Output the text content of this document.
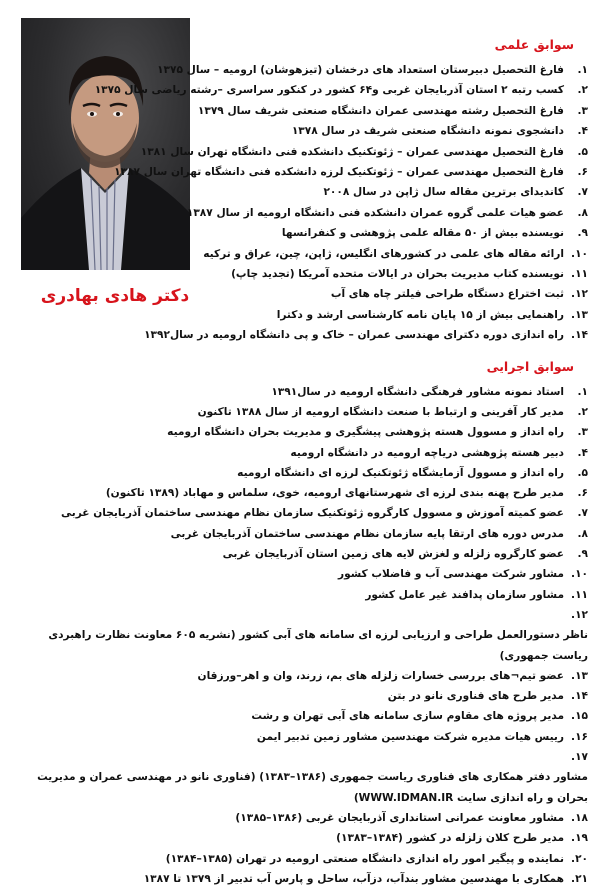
دکتر هادی بهادری
سوابق علمی
۱.
فارغ التحصیل دبیرستان استعداد های درخشان (تیزهوشان) ارومیه – سال ۱۳۷۵
۲.
کسب رتبه ۲ استان آذربایجان غربی و۶۴ کشور در کنکور سراسری –رشته ریاضی سال ۱۳۷۵
۳.
فارغ التحصیل رشته مهندسی عمران دانشگاه صنعتی شریف سال ۱۳۷۹
۴.
دانشجوی نمونه دانشگاه صنعتی شریف در سال ۱۳۷۸
۵.
فارغ التحصیل مهندسی عمران – ژئوتکنیک دانشکده فنی دانشگاه تهران سال ۱۳۸۱
۶.
فارغ التحصیل مهندسی عمران – ژئوتکنیک لرزه دانشکده فنی دانشگاه تهران سال ۱۳۸۷
۷.
کاندیدای برترین مقاله سال ژاپن در سال ۲۰۰۸
۸.
عضو هیات علمی گروه عمران دانشکده فنی دانشگاه ارومیه از سال ۱۳۸۷
۹.
نویسنده بیش از ۵۰ مقاله علمی پژوهشی و کنفرانسها
۱۰.
ارائه مقاله های علمی در کشورهای انگلیس، ژاپن، چین، عراق و ترکیه
۱۱.
نویسنده کتاب مدیریت بحران در ایالات متحده آمریکا (تجدید چاپ)
۱۲.
ثبت اختراع دستگاه طراحی فیلتر چاه های آب
۱۳.
راهنمایی بیش از ۱۵ پایان نامه کارشناسی ارشد و دکترا
۱۴.
راه اندازی دوره دکترای مهندسی عمران – خاک و پی دانشگاه ارومیه در سال۱۳۹۲
سوابق اجرایی
۱.
استاد نمونه مشاور فرهنگی دانشگاه ارومیه در سال۱۳۹۱
۲.
مدیر کار آفرینی و ارتباط با صنعت دانشگاه ارومیه از سال ۱۳۸۸ تاکنون
۳.
راه انداز و مسوول هسته پژوهشی پیشگیری و مدیریت بحران دانشگاه ارومیه
۴.
دبیر هسته پژوهشی دریاچه ارومیه در دانشگاه ارومیه
۵.
راه انداز و مسوول آزمایشگاه ژئوتکنیک لرزه ای دانشگاه ارومیه
۶.
مدیر طرح پهنه بندی لرزه ای شهرستانهای ارومیه، خوی، سلماس و مهاباد (۱۳۸۹ تاکنون)
۷.
عضو کمیته آموزش و مسوول کارگروه ژئوتکنیک سازمان نظام مهندسی ساختمان آذربایجان غربی
۸.
مدرس دوره های ارتقا پایه سازمان نظام مهندسی ساختمان آذربایجان غربی
۹.
عضو کارگروه زلزله و لغزش لایه های زمین استان آذربایجان غربی
۱۰.
مشاور شرکت مهندسی آب و فاضلاب کشور
۱۱.
مشاور سازمان پدافند غیر عامل کشور
۱۲.ناظر دستورالعمل طراحی و ارزیابی لرزه ای سامانه های آبی کشور (نشریه ۶۰۵ معاونت نظارت راهبردی ریاست جمهوری)
۱۳.
عضو تیم¬های بررسی خسارات زلزله های بم، زرند، وان و اهر–ورزقان
۱۴.
مدیر طرح های فناوری نانو در بتن
۱۵.
مدیر پروژه های مقاوم سازی سامانه های آبی تهران و رشت
۱۶.
رییس هیات مدیره شرکت مهندسین مشاور زمین تدبیر ایمن
۱۷.مشاور دفتر همکاری های فناوری ریاست جمهوری (۱۳۸۶–۱۳۸۳) (فناوری نانو در مهندسی عمران و مدیریت بحران و راه اندازی سایت WWW.IDMAN.IR)
۱۸.
مشاور معاونت عمرانی استانداری آذربایجان غربی (۱۳۸۶–۱۳۸۵)
۱۹.
مدیر طرح کلان زلزله در کشور (۱۳۸۴–۱۳۸۳)
۲۰.
نماینده و پیگیر امور راه اندازی دانشگاه صنعتی ارومیه در تهران (۱۳۸۵–۱۳۸۴)
۲۱.
همکاری با مهندسین مشاور بندآب، دزآب، ساحل و پارس آب تدبیر از ۱۳۷۹ تا ۱۳۸۷
